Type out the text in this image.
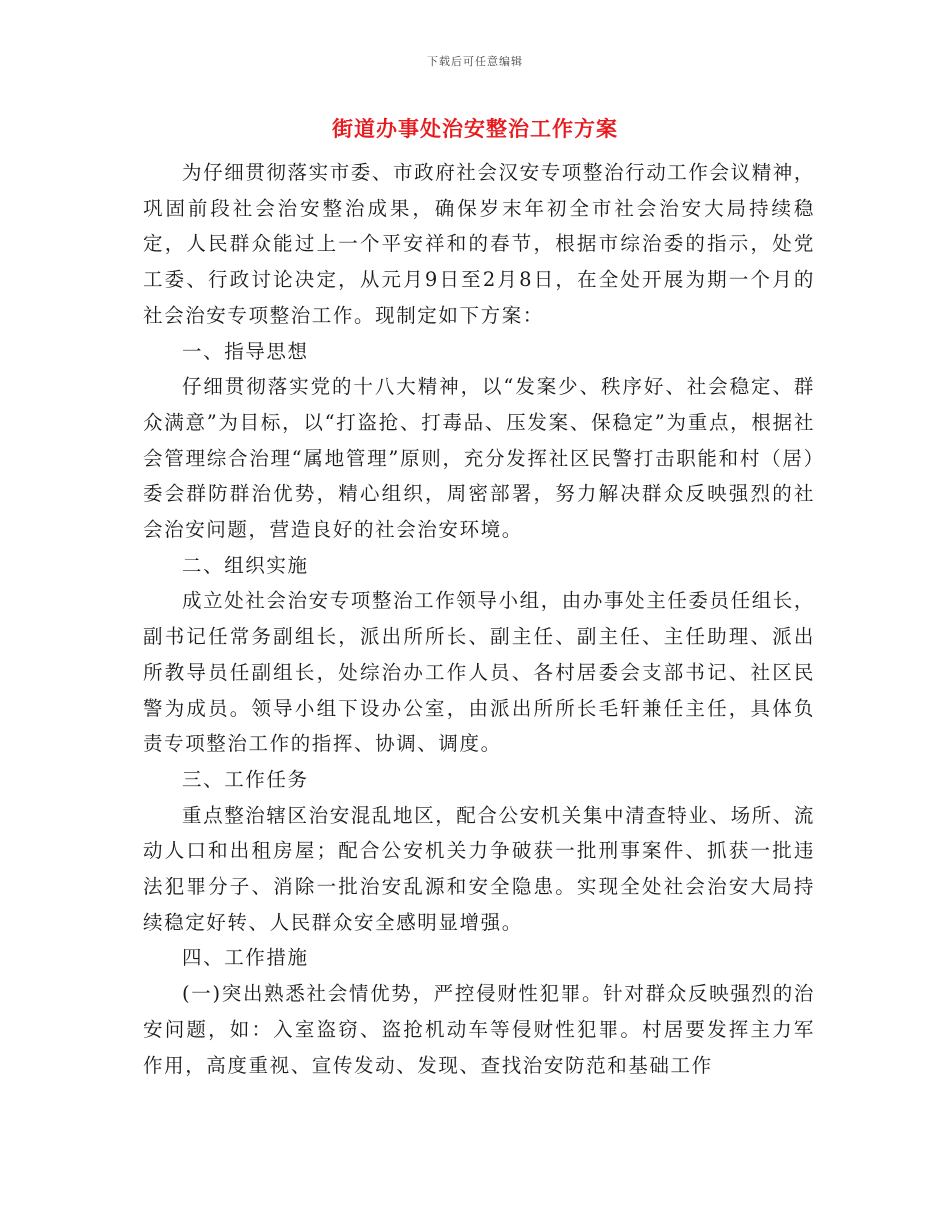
下载后可任意编辑
街道办事处治安整治工作方案

为仔细贯彻落实市委、市政府社会汉安专项整治行动工作会议精神，巩固前段社会治安整治成果，确保岁末年初全市社会治安大局持续稳定，人民群众能过上一个平安祥和的春节，根据市综治委的指示，处党工委、行政讨论决定，从元月9日至2月8日，在全处开展为期一个月的社会治安专项整治工作。现制定如下方案：

一、指导思想

仔细贯彻落实党的十八大精神，以“发案少、秩序好、社会稳定、群众满意”为目标，以“打盗抢、打毒品、压发案、保稳定”为重点，根据社会管理综合治理“属地管理”原则，充分发挥社区民警打击职能和村（居）委会群防群治优势，精心组织，周密部署，努力解决群众反映强烈的社会治安问题，营造良好的社会治安环境。

二、组织实施

成立处社会治安专项整治工作领导小组，由办事处主任委员任组长，副书记任常务副组长，派出所所长、副主任、副主任、主任助理、派出所教导员任副组长，处综治办工作人员、各村居委会支部书记、社区民警为成员。领导小组下设办公室，由派出所所长毛轩兼任主任，具体负责专项整治工作的指挥、协调、调度。

三、工作任务

重点整治辖区治安混乱地区，配合公安机关集中清查特业、场所、流动人口和出租房屋；配合公安机关力争破获一批刑事案件、抓获一批违法犯罪分子、消除一批治安乱源和安全隐患。实现全处社会治安大局持续稳定好转、人民群众安全感明显增强。

四、工作措施

(一)突出熟悉社会情优势，严控侵财性犯罪。针对群众反映强烈的治安问题，如：入室盗窃、盗抢机动车等侵财性犯罪。村居要发挥主力军作用，高度重视、宣传发动、发现、查找治安防范和基础工作
